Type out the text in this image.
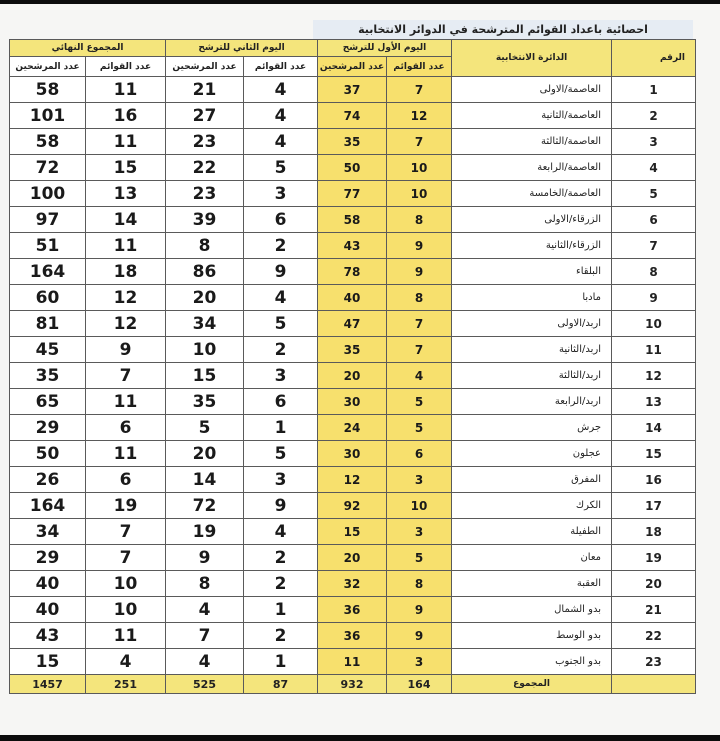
احصائية باعداد القوائم المترشحة في الدوائر الانتخابية
المجموع النهائي		اليوم الثاني للترشح		اليوم الأول للترشح		الدائرة الانتخابية	الرقم
عدد المرشحين	عدد القوائم	عدد المرشحين	عدد القوائم	عدد المرشحين	عدد القوائم		
58	11	21	4	37	7	العاصمة/الاولى	1
101	16	27	4	74	12	العاصمة/الثانية	2
58	11	23	4	35	7	العاصمة/الثالثة	3
72	15	22	5	50	10	العاصمة/الرابعة	4
100	13	23	3	77	10	العاصمة/الخامسة	5
97	14	39	6	58	8	الزرقاء/الاولى	6
51	11	8	2	43	9	الزرقاء/الثانية	7
164	18	86	9	78	9	البلقاء	8
60	12	20	4	40	8	مادبا	9
81	12	34	5	47	7	اربد/الاولى	10
45	9	10	2	35	7	اربد/الثانية	11
35	7	15	3	20	4	اربد/الثالثة	12
65	11	35	6	30	5	اربد/الرابعة	13
29	6	5	1	24	5	جرش	14
50	11	20	5	30	6	عجلون	15
26	6	14	3	12	3	المفرق	16
164	19	72	9	92	10	الكرك	17
34	7	19	4	15	3	الطفيلة	18
29	7	9	2	20	5	معان	19
40	10	8	2	32	8	العقبة	20
40	10	4	1	36	9	بدو الشمال	21
43	11	7	2	36	9	بدو الوسط	22
15	4	4	1	11	3	بدو الجنوب	23
1457	251	525	87	932	164	المجموع	
